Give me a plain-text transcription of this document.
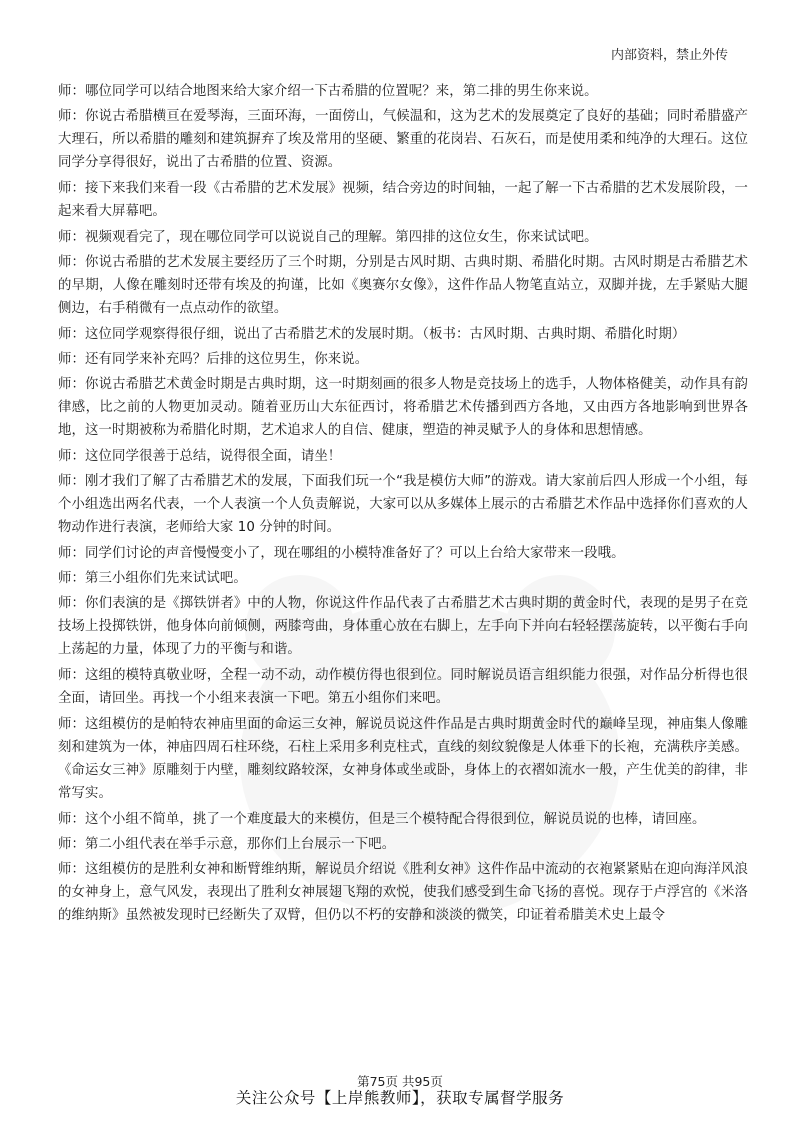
内部资料，禁止外传

师：哪位同学可以结合地图来给大家介绍一下古希腊的位置呢？来，第二排的男生你来说。

师：你说古希腊横亘在爱琴海，三面环海，一面傍山，气候温和，这为艺术的发展奠定了良好的基础；同时希腊盛产大理石，所以希腊的雕刻和建筑摒弃了埃及常用的坚硬、繁重的花岗岩、石灰石，而是使用柔和纯净的大理石。这位同学分享得很好，说出了古希腊的位置、资源。

师：接下来我们来看一段《古希腊的艺术发展》视频，结合旁边的时间轴，一起了解一下古希腊的艺术发展阶段，一起来看大屏幕吧。

师：视频观看完了，现在哪位同学可以说说自己的理解。第四排的这位女生，你来试试吧。

师：你说古希腊的艺术发展主要经历了三个时期，分别是古风时期、古典时期、希腊化时期。古风时期是古希腊艺术的早期，人像在雕刻时还带有埃及的拘谨，比如《奥赛尔女像》，这件作品人物笔直站立，双脚并拢，左手紧贴大腿侧边，右手稍微有一点点动作的欲望。

师：这位同学观察得很仔细，说出了古希腊艺术的发展时期。（板书：古风时期、古典时期、希腊化时期）

师：还有同学来补充吗？后排的这位男生，你来说。

师：你说古希腊艺术黄金时期是古典时期，这一时期刻画的很多人物是竞技场上的选手，人物体格健美，动作具有韵律感，比之前的人物更加灵动。随着亚历山大东征西讨，将希腊艺术传播到西方各地，又由西方各地影响到世界各地，这一时期被称为希腊化时期，艺术追求人的自信、健康，塑造的神灵赋予人的身体和思想情感。

师：这位同学很善于总结，说得很全面，请坐！

师：刚才我们了解了古希腊艺术的发展，下面我们玩一个“我是模仿大师”的游戏。请大家前后四人形成一个小组，每个小组选出两名代表，一个人表演一个人负责解说，大家可以从多媒体上展示的古希腊艺术作品中选择你们喜欢的人物动作进行表演，老师给大家 10 分钟的时间。

师：同学们讨论的声音慢慢变小了，现在哪组的小模特准备好了？可以上台给大家带来一段哦。

师：第三小组你们先来试试吧。

师：你们表演的是《掷铁饼者》中的人物，你说这件作品代表了古希腊艺术古典时期的黄金时代，表现的是男子在竞技场上投掷铁饼，他身体向前倾侧，两膝弯曲，身体重心放在右脚上，左手向下并向右轻轻摆荡旋转，以平衡右手向上荡起的力量，体现了力的平衡与和谐。

师：这组的模特真敬业呀，全程一动不动，动作模仿得也很到位。同时解说员语言组织能力很强，对作品分析得也很全面，请回坐。再找一个小组来表演一下吧。第五小组你们来吧。

师：这组模仿的是帕特农神庙里面的命运三女神，解说员说这件作品是古典时期黄金时代的巅峰呈现，神庙集人像雕刻和建筑为一体，神庙四周石柱环绕，石柱上采用多利克柱式，直线的刻纹貌像是人体垂下的长袍，充满秩序美感。《命运女三神》原雕刻于内壁，雕刻纹路较深，女神身体或坐或卧，身体上的衣褶如流水一般，产生优美的韵律，非常写实。

师：这个小组不简单，挑了一个难度最大的来模仿，但是三个模特配合得很到位，解说员说的也棒，请回座。

师：第二小组代表在举手示意，那你们上台展示一下吧。

师：这组模仿的是胜利女神和断臂维纳斯，解说员介绍说《胜利女神》这件作品中流动的衣袍紧紧贴在迎向海洋风浪的女神身上，意气风发，表现出了胜利女神展翅飞翔的欢悦，使我们感受到生命飞扬的喜悦。现存于卢浮宫的《米洛的维纳斯》虽然被发现时已经断失了双臂，但仍以不朽的安静和淡淡的微笑，印证着希腊美术史上最令

第75页 共95页
关注公众号【上岸熊教师】，获取专属督学服务
